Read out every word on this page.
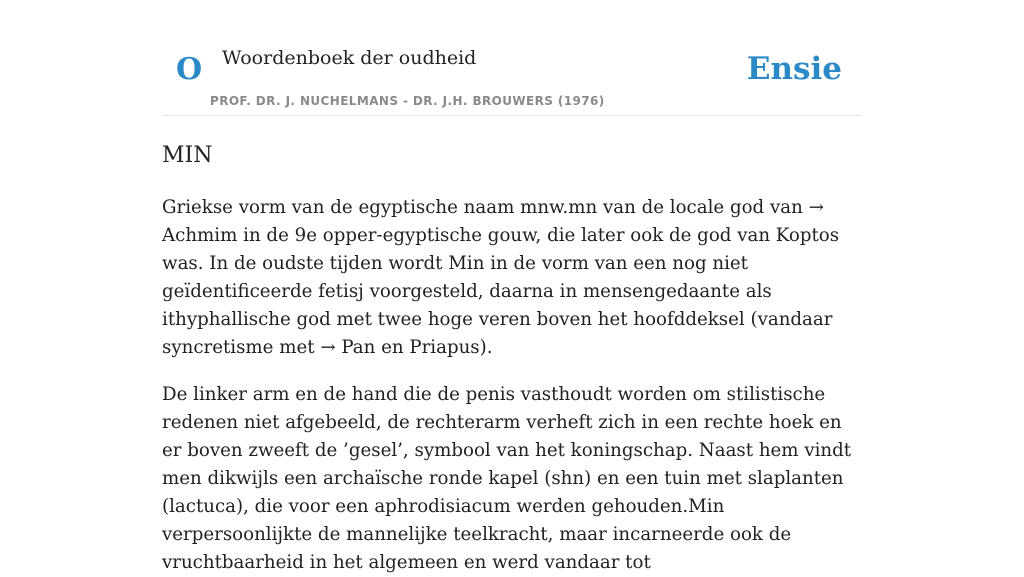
O Woordenboek der oudheid
PROF. DR. J. NUCHELMANS - DR. J.H. BROUWERS (1976)
Ensie
MIN

Griekse vorm van de egyptische naam mnw.mn van de locale god van → Achmim in de 9e opper-egyptische gouw, die later ook de god van Koptos was. In de oudste tijden wordt Min in de vorm van een nog niet geïdentificeerde fetisj voorgesteld, daarna in mensengedaante als ithyphallische god met twee hoge veren boven het hoofddeksel (vandaar syncretisme met → Pan en Priapus).

De linker arm en de hand die de penis vasthoudt worden om stilistische redenen niet afgebeeld, de rechterarm verheft zich in een rechte hoek en er boven zweeft de ’gesel’, symbool van het koningschap. Naast hem vindt men dikwijls een archaïsche ronde kapel (shn) en een tuin met slaplanten (lactuca), die voor een aphrodisiacum werden gehouden.Min verpersoonlijkte de mannelijke teelkracht, maar incarneerde ook de vruchtbaarheid in het algemeen en werd vandaar tot
